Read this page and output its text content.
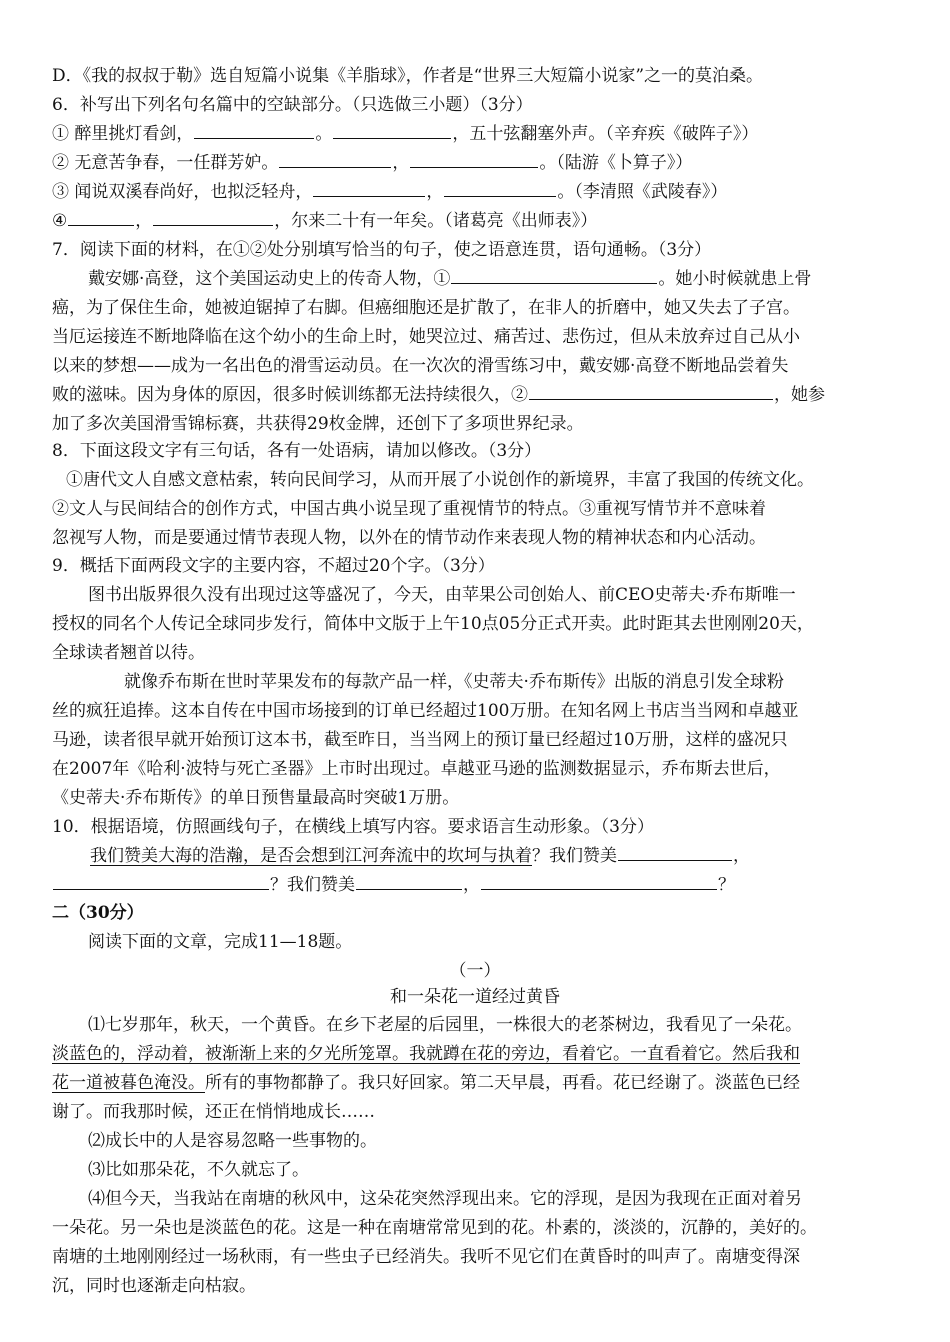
D．《我的叔叔于勒》选自短篇小说集《羊脂球》，作者是“世界三大短篇小说家”之一的莫泊桑。
6．补写出下列名句名篇中的空缺部分。（只选做三小题）（3分）
① 醉里挑灯看剑，	。	，五十弦翻塞外声。（辛弃疾《破阵子》）
② 无意苦争春，一任群芳妒。	，	。（陆游《卜算子》）
③ 闻说双溪春尚好，也拟泛轻舟，	，	。（李清照《武陵春》）
④	，	，尔来二十有一年矣。（诸葛亮《出师表》）
7．阅读下面的材料，在①②处分别填写恰当的句子，使之语意连贯，语句通畅。（3分）
戴安娜·高登，这个美国运动史上的传奇人物，①	。她小时候就患上骨
癌，为了保住生命，她被迫锯掉了右脚。但癌细胞还是扩散了，在非人的折磨中，她又失去了子宫。
当厄运接连不断地降临在这个幼小的生命上时，她哭泣过、痛苦过、悲伤过，但从未放弃过自己从小
以来的梦想——成为一名出色的滑雪运动员。在一次次的滑雪练习中，戴安娜·高登不断地品尝着失
败的滋味。因为身体的原因，很多时候训练都无法持续很久，②	，她参
加了多次美国滑雪锦标赛，共获得29枚金牌，还创下了多项世界纪录。
8．下面这段文字有三句话，各有一处语病，请加以修改。（3分）
①唐代文人自感文意枯索，转向民间学习，从而开展了小说创作的新境界，丰富了我国的传统文化。
②文人与民间结合的创作方式，中国古典小说呈现了重视情节的特点。③重视写情节并不意味着
忽视写人物，而是要通过情节表现人物，以外在的情节动作来表现人物的精神状态和内心活动。
9．概括下面两段文字的主要内容，不超过20个字。（3分）
图书出版界很久没有出现过这等盛况了，今天，由苹果公司创始人、前CEO史蒂夫·乔布斯唯一
授权的同名个人传记全球同步发行，简体中文版于上午10点05分正式开卖。此时距其去世刚刚20天，
全球读者翘首以待。
就像乔布斯在世时苹果发布的每款产品一样，《史蒂夫·乔布斯传》出版的消息引发全球粉
丝的疯狂追捧。这本自传在中国市场接到的订单已经超过100万册。在知名网上书店当当网和卓越亚
马逊，读者很早就开始预订这本书，截至昨日，当当网上的预订量已经超过10万册，这样的盛况只
在2007年《哈利·波特与死亡圣器》上市时出现过。卓越亚马逊的监测数据显示，乔布斯去世后，
《史蒂夫·乔布斯传》的单日预售量最高时突破1万册。
10．根据语境，仿照画线句子，在横线上填写内容。要求语言生动形象。（3分）
我们赞美大海的浩瀚，是否会想到江河奔流中的坎坷与执着？我们赞美	，
？我们赞美	，	？
二（30分）
阅读下面的文章，完成11—18题。
（一）
和一朵花一道经过黄昏
⑴七岁那年，秋天，一个黄昏。在乡下老屋的后园里，一株很大的老茶树边，我看见了一朵花。
淡蓝色的，浮动着，被渐渐上来的夕光所笼罩。我就蹲在花的旁边，看着它。一直看着它。然后我和
花一道被暮色淹没。所有的事物都静了。我只好回家。第二天早晨，再看。花已经谢了。淡蓝色已经
谢了。而我那时候，还正在悄悄地成长……
⑵成长中的人是容易忽略一些事物的。
⑶比如那朵花，不久就忘了。
⑷但今天，当我站在南塘的秋风中，这朵花突然浮现出来。它的浮现，是因为我现在正面对着另
一朵花。另一朵也是淡蓝色的花。这是一种在南塘常常见到的花。朴素的，淡淡的，沉静的，美好的。
南塘的土地刚刚经过一场秋雨，有一些虫子已经消失。我听不见它们在黄昏时的叫声了。南塘变得深
沉，同时也逐渐走向枯寂。
